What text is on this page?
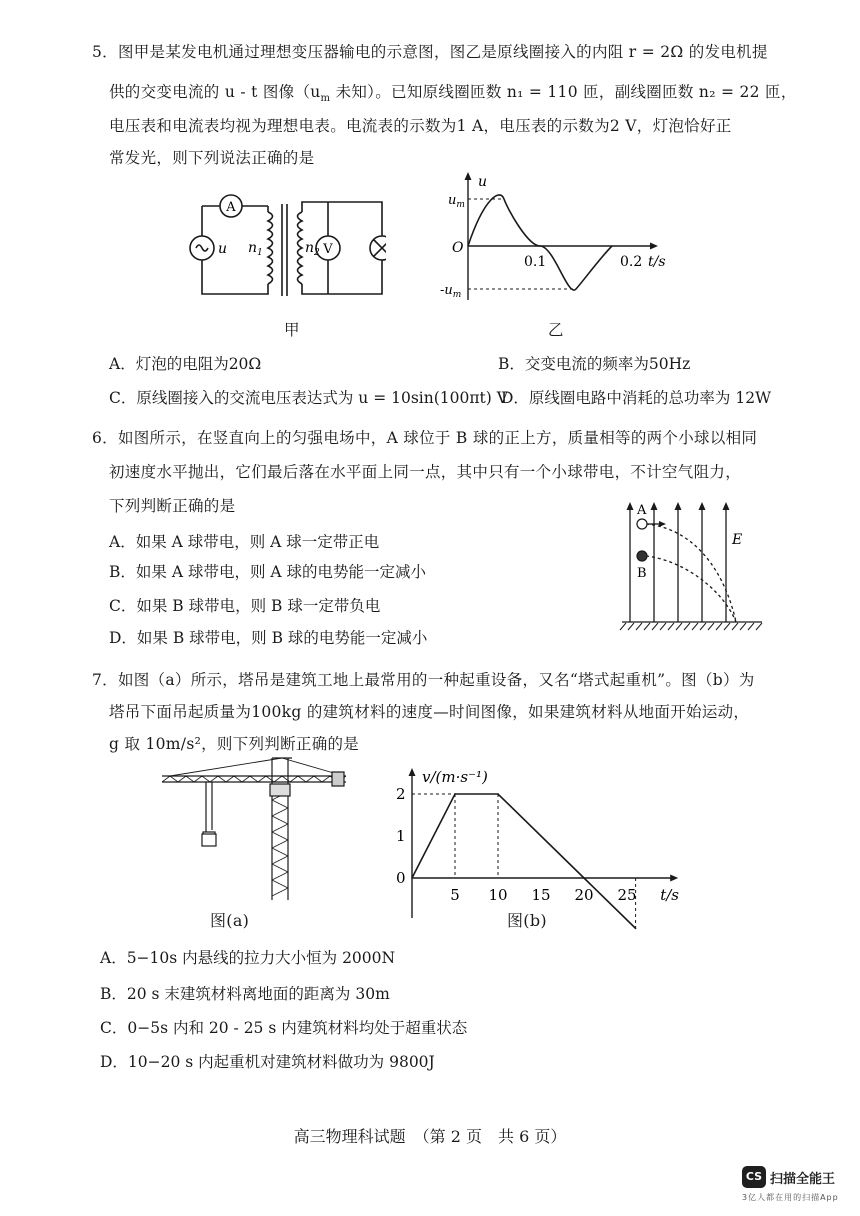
5．图甲是某发电机通过理想变压器输电的示意图，图乙是原线圈接入的内阻 r = 2Ω 的发电机提
供的交变电流的 u - t 图像（$u_m$ 未知）。已知原线圈匝数 n₁ = 110 匝，副线圈匝数 n₂ = 22 匝，
电压表和电流表均视为理想电表。电流表的示数为1 A，电压表的示数为2 V，灯泡恰好正
常发光，则下列说法正确的是
A
V
u $n_1$	$n_2$
甲
u
$u_m$
O
$-u_m$
0.1	0.2 t/s
乙
A．灯泡的电阻为20Ω	B．交变电流的频率为50Hz
C．原线圈接入的交流电压表达式为 u = 10sin(100πt) V
D．原线圈电路中消耗的总功率为 12W
6．如图所示，在竖直向上的匀强电场中，A 球位于 B 球的正上方，质量相等的两个小球以相同
初速度水平抛出，它们最后落在水平面上同一点，其中只有一个小球带电，不计空气阻力，
下列判断正确的是
A．如果 A 球带电，则 A 球一定带正电
B．如果 A 球带电，则 A 球的电势能一定减小
C．如果 B 球带电，则 B 球一定带负电
D．如果 B 球带电，则 B 球的电势能一定减小
A
B
E
7．如图（a）所示，塔吊是建筑工地上最常用的一种起重设备，又名“塔式起重机”。图（b）为
塔吊下面吊起质量为100kg 的建筑材料的速度—时间图像，如果建筑材料从地面开始运动，
g 取 10m/s²，则下列判断正确的是
图(a)
2
1
0
5 10 15 20 25
v/(m·s⁻¹)
t/s
图(b)
A．5−10s 内悬线的拉力大小恒为 2000N
B．20 s 末建筑材料离地面的距离为 30m
C．0−5s 内和 20 - 25 s 内建筑材料均处于超重状态
D．10−20 s 内起重机对建筑材料做功为 9800J
高三物理科试题　（第 2 页　共 6 页）
CS 扫描全能王
3亿人都在用的扫描App
